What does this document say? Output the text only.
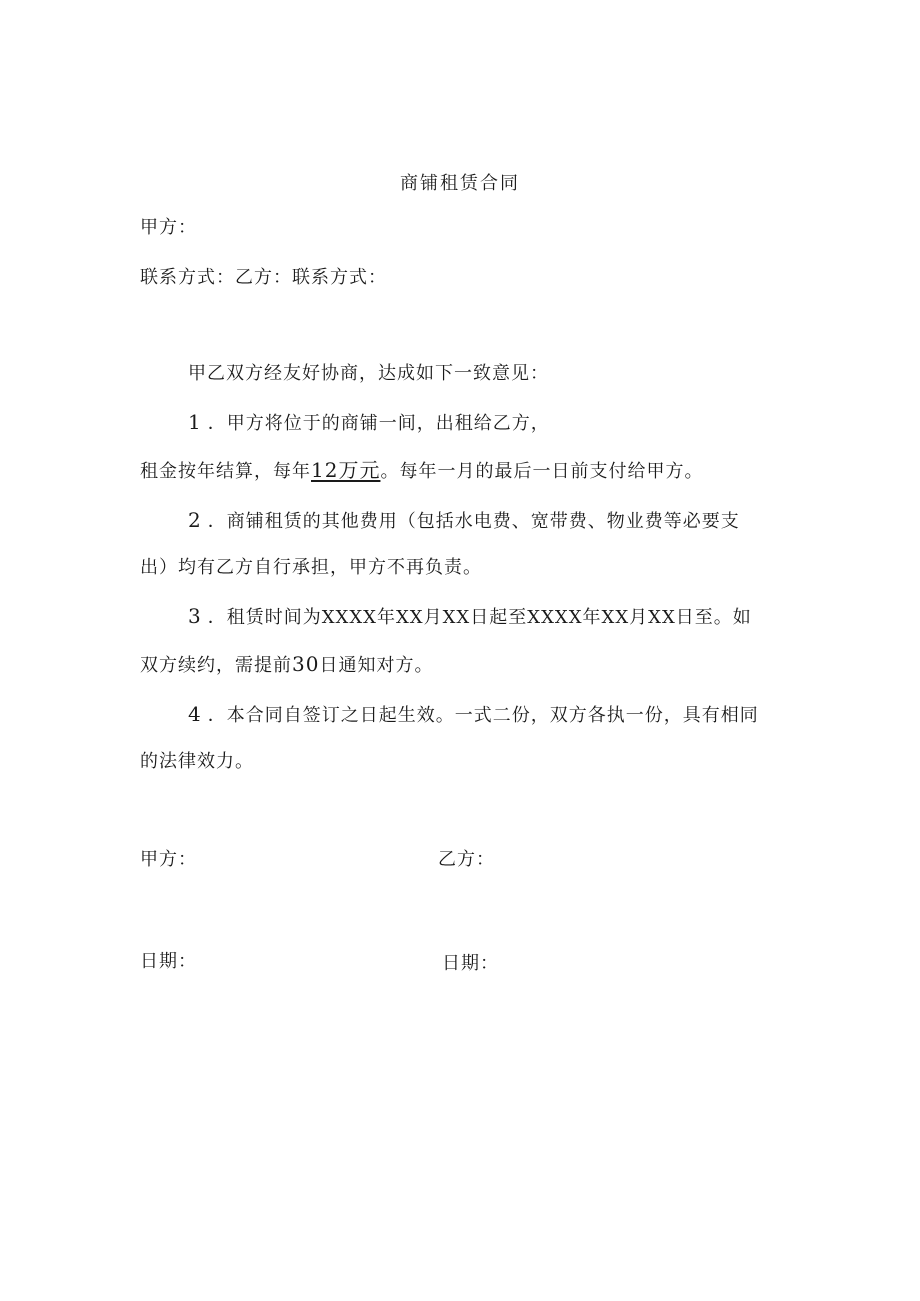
商铺租赁合同
甲方：
联系方式：乙方：联系方式：
甲乙双方经友好协商，达成如下一致意见：
1 ．甲方将位于的商铺一间，出租给乙方，
租金按年结算，每年12万元。每年一月的最后一日前支付给甲方。
2 ．商铺租赁的其他费用（包括水电费、宽带费、物业费等必要支
出）均有乙方自行承担，甲方不再负责。
3 ．租赁时间为XXXX年XX月XX日起至XXXX年XX月XX日至。如
双方续约，需提前30日通知对方。
4 ．本合同自签订之日起生效。一式二份，双方各执一份，具有相同
的法律效力。
甲方：	乙方：
日期：	日期：
